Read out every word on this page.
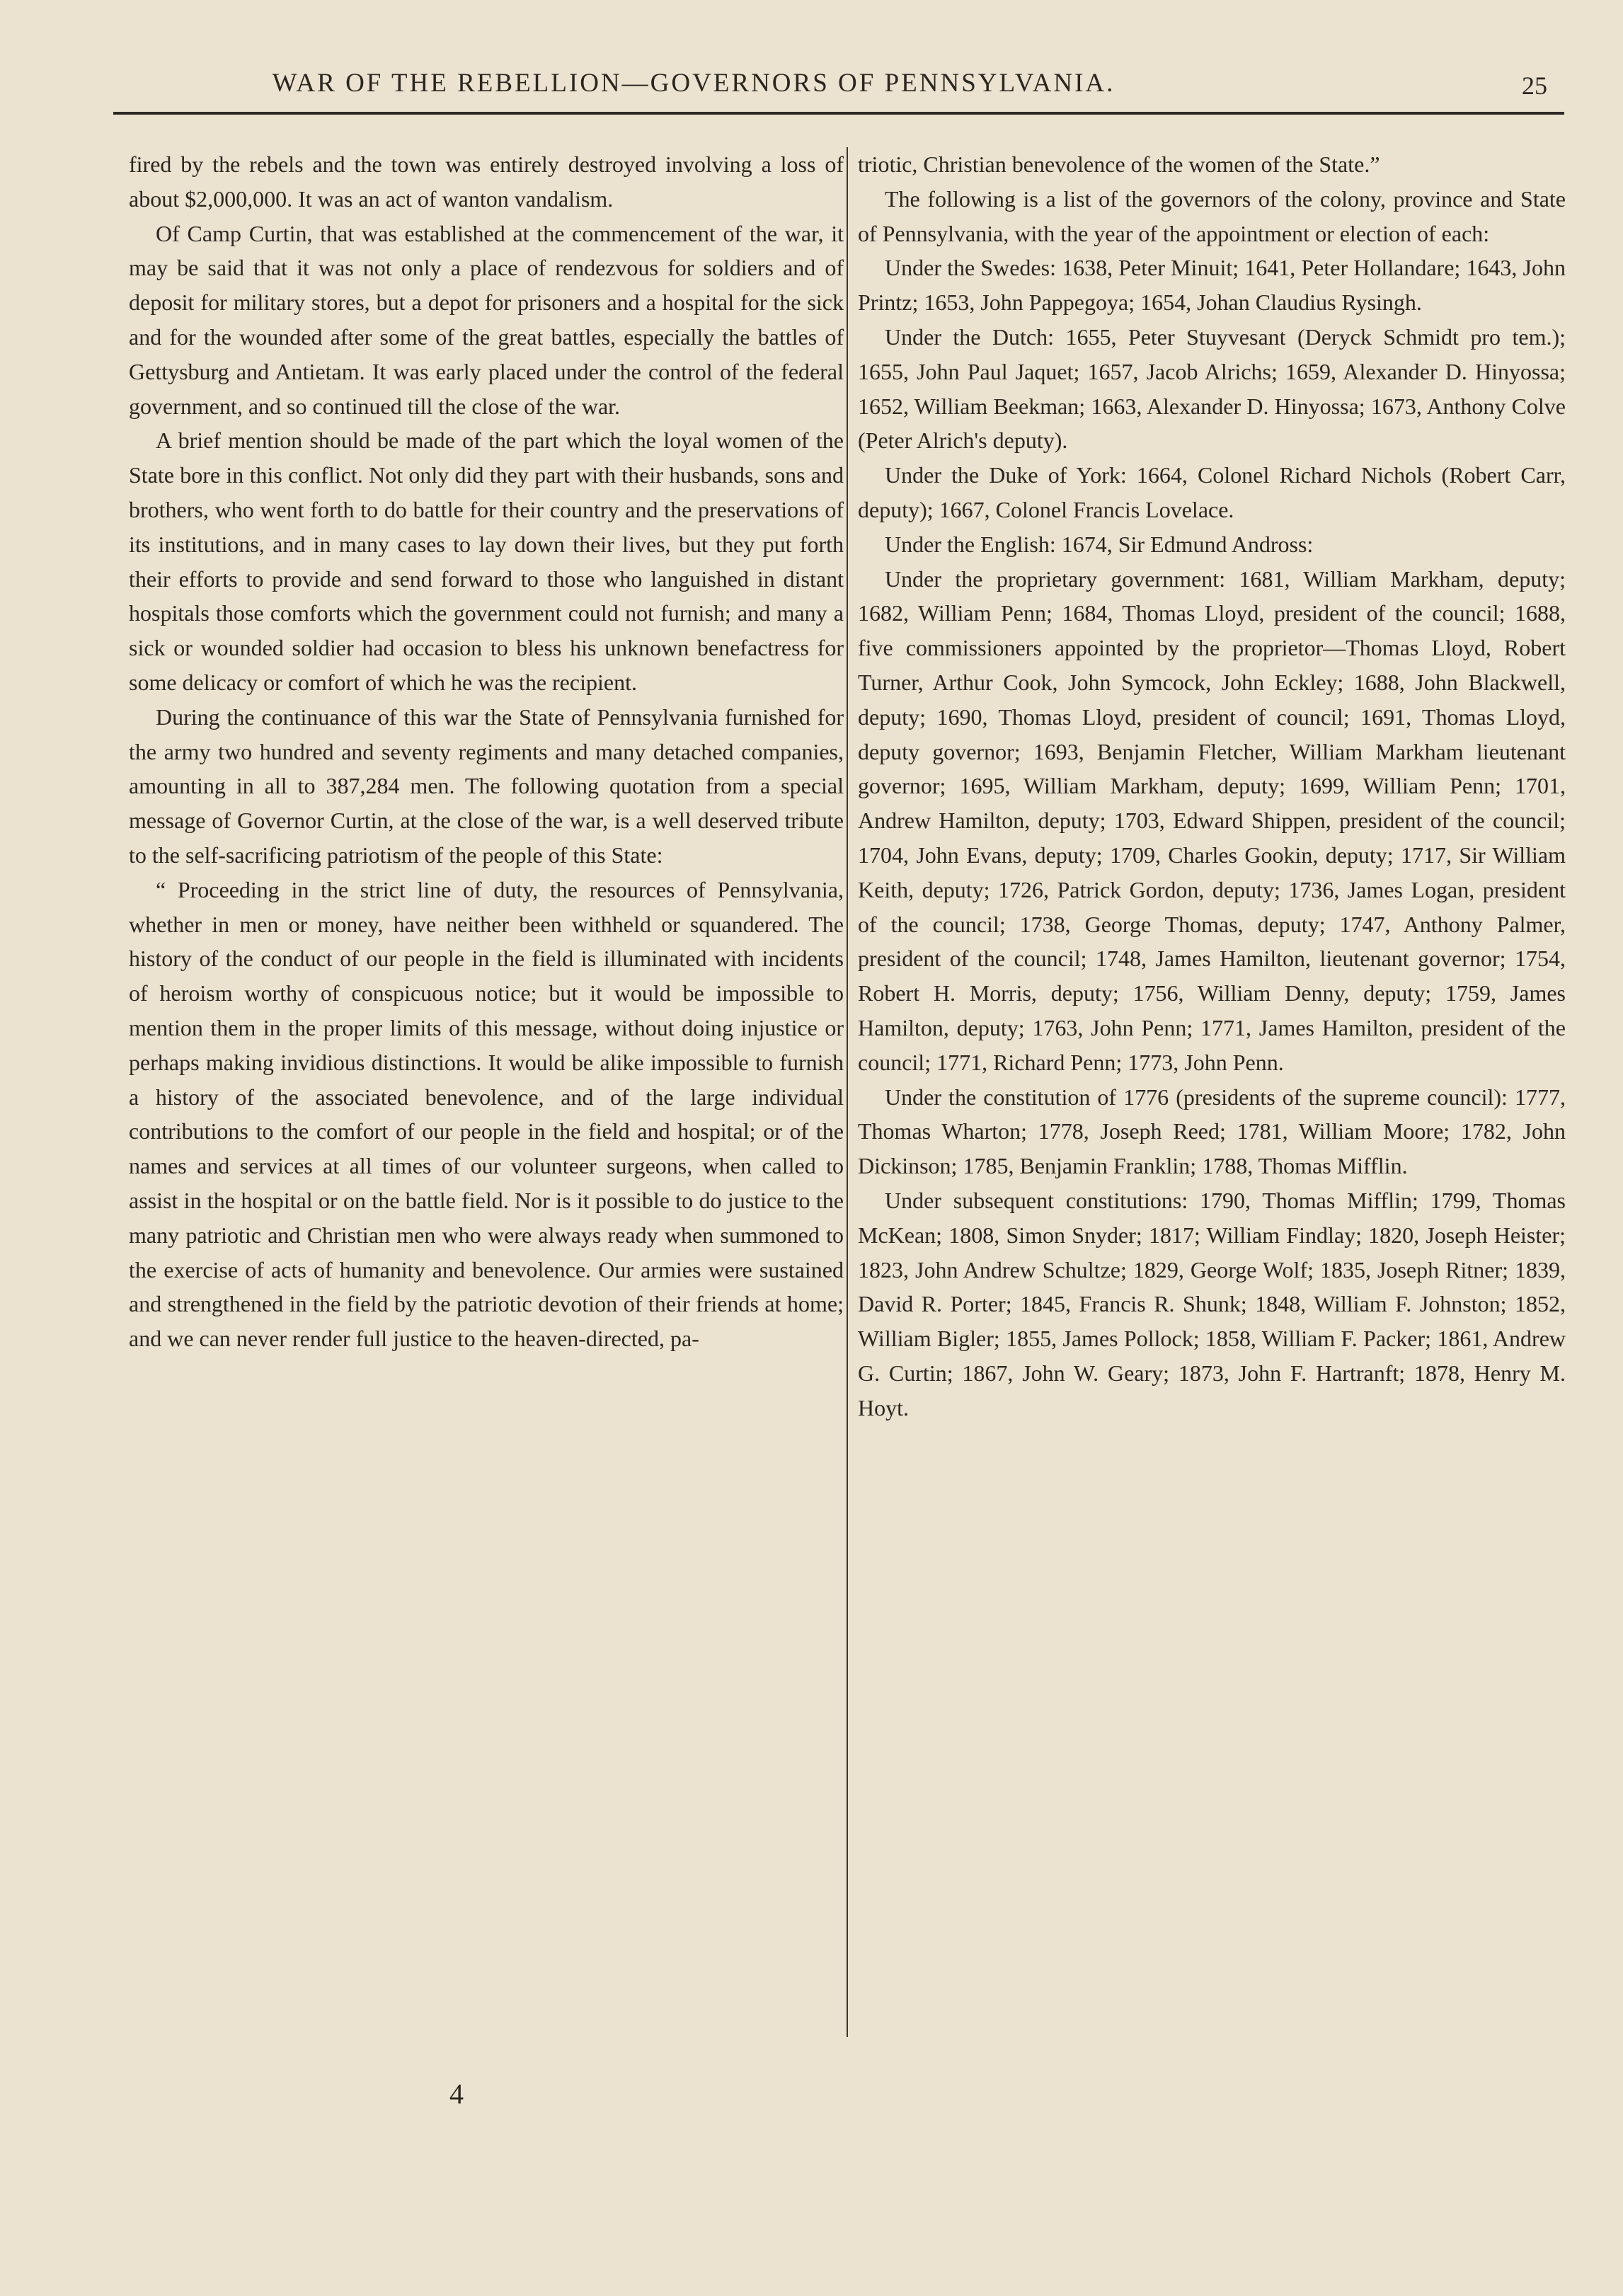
WAR OF THE REBELLION—GOVERNORS OF PENNSYLVANIA.	25

fired by the rebels and the town was entirely destroyed involving a loss of about $2,000,000. It was an act of wanton vandalism.

Of Camp Curtin, that was established at the commencement of the war, it may be said that it was not only a place of rendezvous for soldiers and of deposit for military stores, but a depot for prisoners and a hospital for the sick and for the wounded after some of the great battles, especially the battles of Gettysburg and Antietam. It was early placed under the control of the federal government, and so continued till the close of the war.

A brief mention should be made of the part which the loyal women of the State bore in this conflict. Not only did they part with their husbands, sons and brothers, who went forth to do battle for their country and the preservations of its institutions, and in many cases to lay down their lives, but they put forth their efforts to provide and send forward to those who languished in distant hospitals those comforts which the government could not furnish; and many a sick or wounded soldier had occasion to bless his unknown benefactress for some delicacy or comfort of which he was the recipient.

During the continuance of this war the State of Pennsylvania furnished for the army two hundred and seventy regiments and many detached companies, amounting in all to 387,284 men. The following quotation from a special message of Governor Curtin, at the close of the war, is a well deserved tribute to the self-sacrificing patriotism of the people of this State:

“ Proceeding in the strict line of duty, the resources of Pennsylvania, whether in men or money, have neither been withheld or squandered. The history of the conduct of our people in the field is illuminated with incidents of heroism worthy of conspicuous notice; but it would be impossible to mention them in the proper limits of this message, without doing injustice or perhaps making invidious distinctions. It would be alike impossible to furnish a history of the associated benevolence, and of the large individual contributions to the comfort of our people in the field and hospital; or of the names and services at all times of our volunteer surgeons, when called to assist in the hospital or on the battle field. Nor is it possible to do justice to the many patriotic and Christian men who were always ready when summoned to the exercise of acts of humanity and benevolence. Our armies were sustained and strengthened in the field by the patriotic devotion of their friends at home; and we can never render full justice to the heaven-directed, pa-

triotic, Christian benevolence of the women of the State.”

The following is a list of the governors of the colony, province and State of Pennsylvania, with the year of the appointment or election of each:

Under the Swedes: 1638, Peter Minuit; 1641, Peter Hollandare; 1643, John Printz; 1653, John Pappegoya; 1654, Johan Claudius Rysingh.

Under the Dutch: 1655, Peter Stuyvesant (Deryck Schmidt pro tem.); 1655, John Paul Jaquet; 1657, Jacob Alrichs; 1659, Alexander D. Hinyossa; 1652, William Beekman; 1663, Alexander D. Hinyossa; 1673, Anthony Colve (Peter Alrich's deputy).

Under the Duke of York: 1664, Colonel Richard Nichols (Robert Carr, deputy); 1667, Colonel Francis Lovelace.

Under the English: 1674, Sir Edmund Andross:

Under the proprietary government: 1681, William Markham, deputy; 1682, William Penn; 1684, Thomas Lloyd, president of the council; 1688, five commissioners appointed by the proprietor—Thomas Lloyd, Robert Turner, Arthur Cook, John Symcock, John Eckley; 1688, John Blackwell, deputy; 1690, Thomas Lloyd, president of council; 1691, Thomas Lloyd, deputy governor; 1693, Benjamin Fletcher, William Markham lieutenant governor; 1695, William Markham, deputy; 1699, William Penn; 1701, Andrew Hamilton, deputy; 1703, Edward Shippen, president of the council; 1704, John Evans, deputy; 1709, Charles Gookin, deputy; 1717, Sir William Keith, deputy; 1726, Patrick Gordon, deputy; 1736, James Logan, president of the council; 1738, George Thomas, deputy; 1747, Anthony Palmer, president of the council; 1748, James Hamilton, lieutenant governor; 1754, Robert H. Morris, deputy; 1756, William Denny, deputy; 1759, James Hamilton, deputy; 1763, John Penn; 1771, James Hamilton, president of the council; 1771, Richard Penn; 1773, John Penn.

Under the constitution of 1776 (presidents of the supreme council): 1777, Thomas Wharton; 1778, Joseph Reed; 1781, William Moore; 1782, John Dickinson; 1785, Benjamin Franklin; 1788, Thomas Mifflin.

Under subsequent constitutions: 1790, Thomas Mifflin; 1799, Thomas McKean; 1808, Simon Snyder; 1817; William Findlay; 1820, Joseph Heister; 1823, John Andrew Schultze; 1829, George Wolf; 1835, Joseph Ritner; 1839, David R. Porter; 1845, Francis R. Shunk; 1848, William F. Johnston; 1852, William Bigler; 1855, James Pollock; 1858, William F. Packer; 1861, Andrew G. Curtin; 1867, John W. Geary; 1873, John F. Hartranft; 1878, Henry M. Hoyt.

4
